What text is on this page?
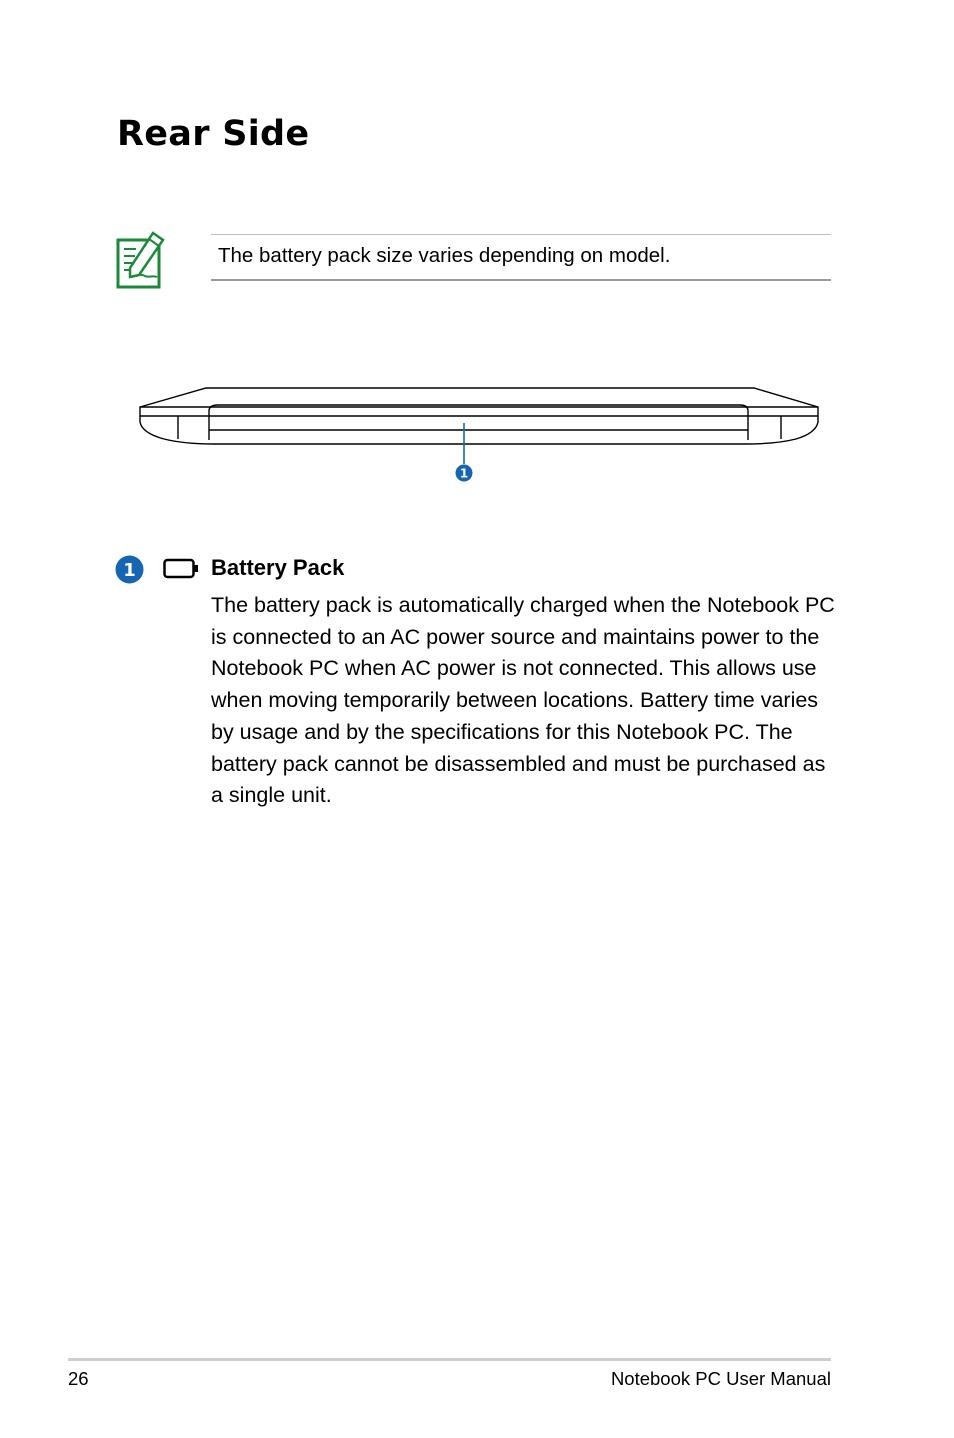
Rear Side
The battery pack size varies depending on model.
1
1	Battery Pack

The battery pack is automatically charged when the Notebook PC is connected to an AC power source and maintains power to the Notebook PC when AC power is not connected. This allows use when moving temporarily between locations. Battery time varies by usage and by the specifications for this Notebook PC. The battery pack cannot be disassembled and must be purchased as a single unit.

26	Notebook PC User Manual
